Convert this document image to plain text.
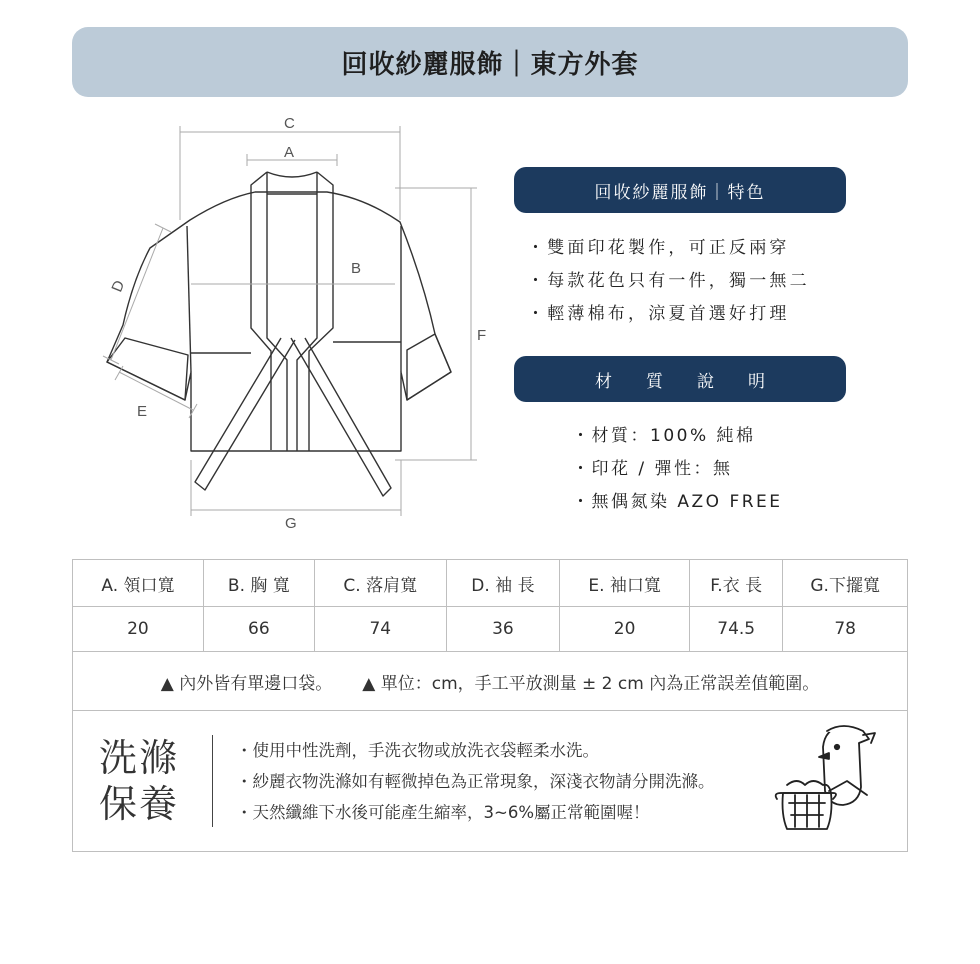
回收紗麗服飾｜東方外套
C
A
B
D
E
F
G
回收紗麗服飾｜特色
・雙面印花製作，可正反兩穿
・每款花色只有一件，獨一無二
・輕薄棉布，涼夏首選好打理
材質說明
・材質：100% 純棉
・印花 / 彈性：無
・無偶氮染 AZO FREE
A. 領口寬	B. 胸 寬	C. 落肩寬	D. 袖 長	E. 袖口寬	F.衣 長	G.下擺寬
20	66	74	36	20	74.5	78

▲ 內外皆有單邊口袋。 ▲ 單位：cm，手工平放測量 ± 2 cm 內為正常誤差值範圍。						

洗滌
保養
・使用中性洗劑，手洗衣物或放洗衣袋輕柔水洗。
・紗麗衣物洗滌如有輕微掉色為正常現象，深淺衣物請分開洗滌。
・天然纖維下水後可能產生縮率，3~6%屬正常範圍喔！						
